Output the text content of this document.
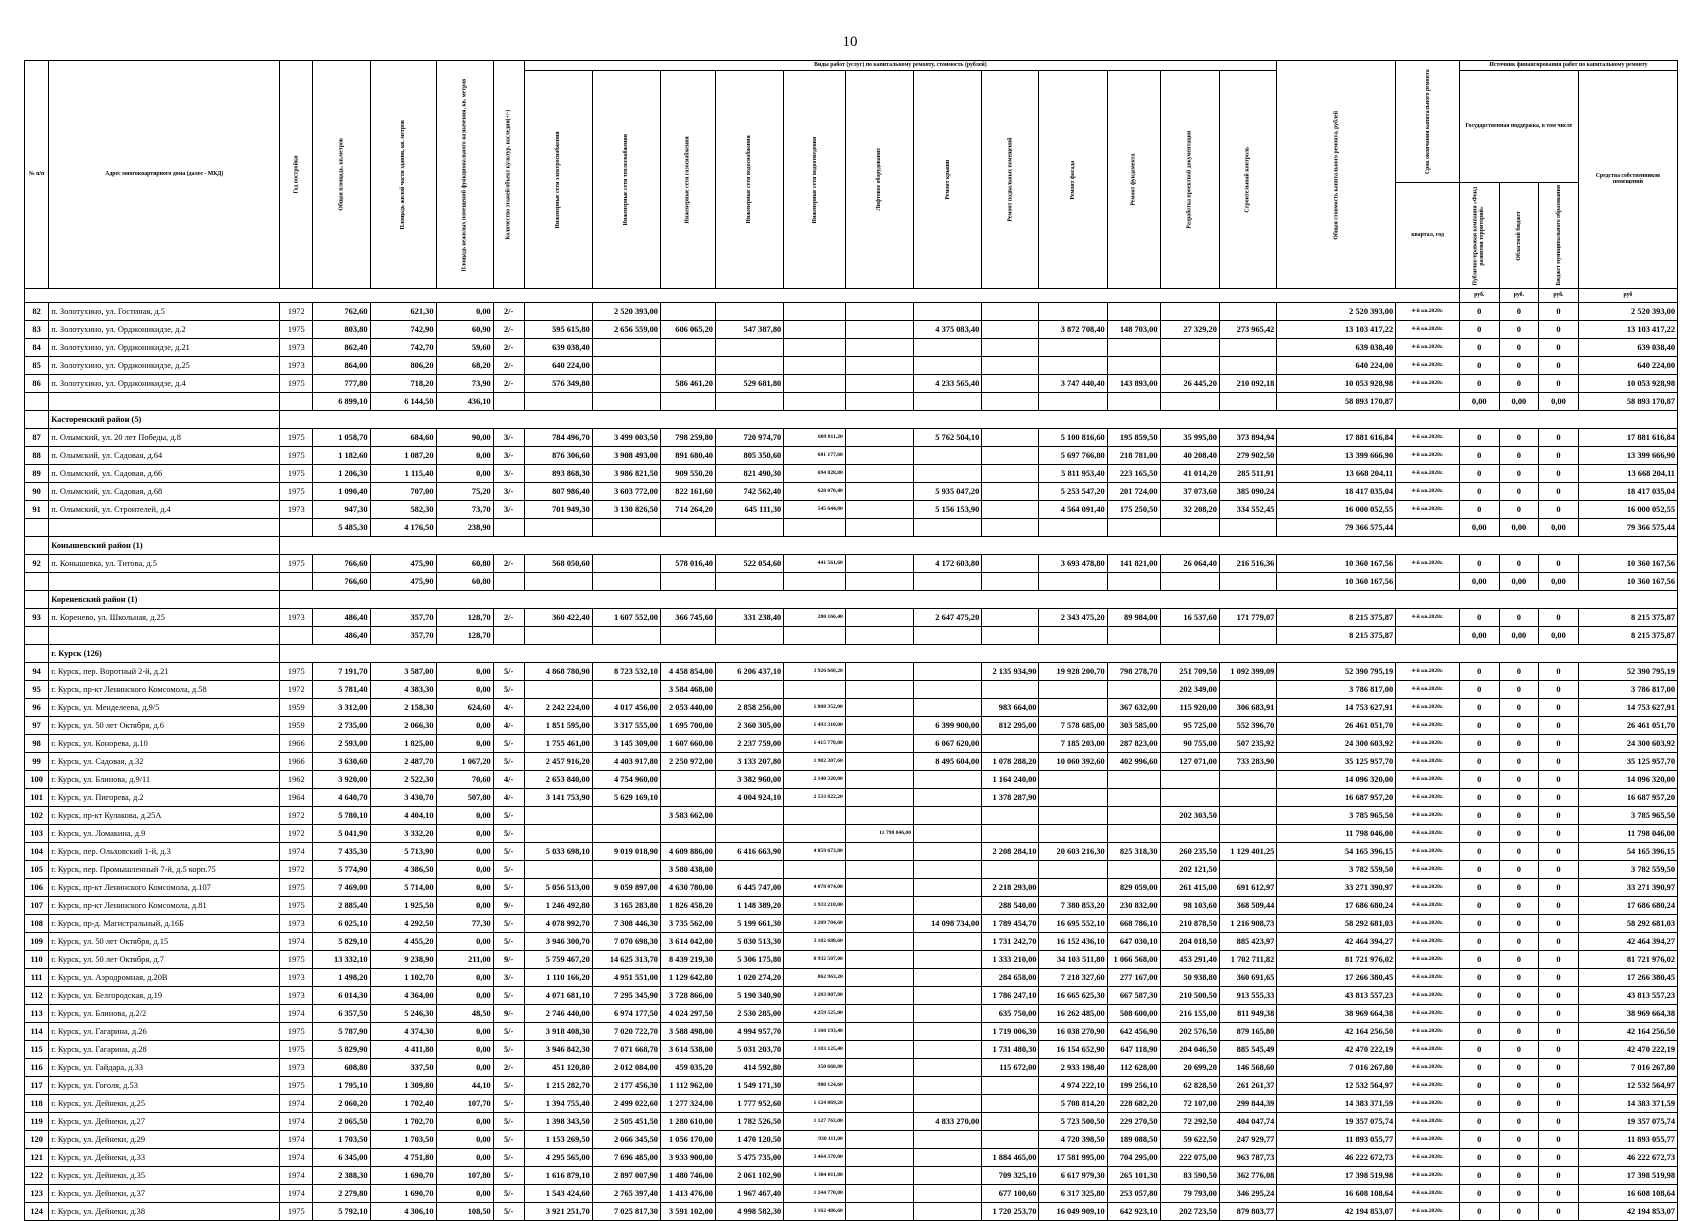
10
№ п/п	Адрес многоквартирного дома (далее - МКД)	Год постройки	Общая площадь, кв.метров	Площадь жилой части здания, кв. метров	Площадь нежилых помещений функционального назначения, кв. метров	Количество этажей/объект культур. наследия(+/-)	Виды работ (услуг) по капитальному ремонту, стоимость (рублей)												Общая стоимость капитального ремонта, рублей	Срок окончания капитального ремонта	Источник финансирования работ по капитальному ремонту			
							Инженерные сети электроснабжения	Инженерные сети теплоснабжения	Инженерные сети газоснабжения	Инженерные сети водоснабжения	Инженерные сети водоотведения	Лифтовое оборудование	Ремонт крыши	Ремонт подвальных помещений	Ремонт фасада	Ремонт фундамента	Разработка проектной документации	Строительный контроль			Государственная поддержка, в том числе			Средства собственников помещений
																				квартал, год	Публично-правовая компания «Фонд развития территорий»	Областной бюджет	Бюджет муниципального образования	
																					руб.	руб.	руб.	руб
82	п. Золотухино, ул. Гостиная, д.5	1972	762,60	621,30	0,00	2/-		2 520 393,00											2 520 393,00	4-й кв.2028г.	0	0	0	2 520 393,00
83	п. Золотухино, ул. Орджоникидзе, д.2	1975	803,80	742,90	60,90	2/-	595 615,80	2 656 559,00	606 065,20	547 387,80			4 375 083,40		3 872 708,40	148 703,00	27 329,20	273 965,42	13 103 417,22	4-й кв.2028г.	0	0	0	13 103 417,22
84	п. Золотухино, ул. Орджоникидзе, д.21	1973	862,40	742,70	59,60	2/-	639 038,40												639 038,40	4-й кв.2028г.	0	0	0	639 038,40
85	п. Золотухино, ул. Орджоникидзе, д.25	1973	864,00	806,20	68,20	2/-	640 224,00												640 224,00	4-й кв.2028г.	0	0	0	640 224,00
86	п. Золотухино, ул. Орджоникидзе, д.4	1975	777,80	718,20	73,90	2/-	576 349,80		586 461,20	529 681,80			4 233 565,40		3 747 440,40	143 893,00	26 445,20	210 092,18	10 053 928,98	4-й кв.2028г.	0	0	0	10 053 928,98
			6 899,10	6 144,50	436,10														58 893 170,87		0,00	0,00	0,00	58 893 170,87
	Касторенский район (5)																							
87	п. Олымский, ул. 20 лет Победы, д.8	1975	1 058,70	684,60	90,00	3/-	784 496,70	3 499 003,50	798 259,80	720 974,70	609 811,20		5 762 504,10		5 100 816,60	195 859,50	35 995,80	373 894,94	17 881 616,84	4-й кв.2028г.	0	0	0	17 881 616,84
88	п. Олымский, ул. Садовая, д.64	1975	1 182,60	1 087,20	0,00	3/-	876 306,60	3 908 493,00	891 680,40	805 350,60	681 177,60				5 697 766,80	218 781,00	40 208,40	279 902,50	13 399 666,90	4-й кв.2028г.	0	0	0	13 399 666,90
89	п. Олымский, ул. Садовая, д.66	1975	1 206,30	1 115,40	0,00	3/-	893 868,30	3 986 821,50	909 550,20	821 490,30	694 828,80				5 811 953,40	223 165,50	41 014,20	285 511,91	13 668 204,11	4-й кв.2028г.	0	0	0	13 668 204,11
90	п. Олымский, ул. Садовая, д.68	1975	1 090,40	707,00	75,20	3/-	807 986,40	3 603 772,00	822 161,60	742 562,40	628 070,40		5 935 047,20		5 253 547,20	201 724,00	37 073,60	385 090,24	18 417 035,04	4-й кв.2028г.	0	0	0	18 417 035,04
91	п. Олымский, ул. Строителей, д.4	1973	947,30	582,30	73,70	3/-	701 949,30	3 130 826,50	714 264,20	645 111,30	545 644,80		5 156 153,90		4 564 091,40	175 250,50	32 208,20	334 552,45	16 000 052,55	4-й кв.2028г.	0	0	0	16 000 052,55
			5 485,30	4 176,50	238,90														79 366 575,44		0,00	0,00	0,00	79 366 575,44
	Конышевский район (1)																							
92	п. Конышевка, ул. Титова, д.5	1975	766,60	475,90	60,80	2/-	568 050,60		578 016,40	522 054,60	441 561,60		4 172 603,80		3 693 478,80	141 821,00	26 064,40	216 516,36	10 360 167,56	4-й кв.2028г.	0	0	0	10 360 167,56
			766,60	475,90	60,80														10 360 167,56		0,00	0,00	0,00	10 360 167,56
	Кореневский район (1)																							
93	п. Коренево, ул. Школьная, д.25	1973	486,40	357,70	128,70	2/-	360 422,40	1 607 552,00	366 745,60	331 238,40	280 166,40		2 647 475,20		2 343 475,20	89 984,00	16 537,60	171 779,07	8 215 375,87	4-й кв.2028г.	0	0	0	8 215 375,87
			486,40	357,70	128,70														8 215 375,87		0,00	0,00	0,00	8 215 375,87
	г. Курск (126)																							
94	г. Курск, пер. Воротный 2-й, д.21	1975	7 191,70	3 587,00	0,00	5/-	4 868 780,90	8 723 532,10	4 458 854,00	6 206 437,10	3 926 668,20			2 135 934,90	19 928 200,70	798 278,70	251 709,50	1 092 399,09	52 390 795,19	4-й кв.2028г.	0	0	0	52 390 795,19
95	г. Курск, пр-кт Ленинского Комсомола, д.58	1972	5 781,40	4 383,30	0,00	5/-			3 584 468,00								202 349,00		3 786 817,00	4-й кв.2028г.	0	0	0	3 786 817,00
96	г. Курск, ул. Менделеева, д.9/5	1959	3 312,00	2 158,30	624,60	4/-	2 242 224,00	4 017 456,00	2 053 440,00	2 858 256,00	1 808 352,00			983 664,00		367 632,00	115 920,00	306 683,91	14 753 627,91	4-й кв.2028г.	0	0	0	14 753 627,91
97	г. Курск, ул. 50 лет Октября, д.6	1959	2 735,00	2 066,30	0,00	4/-	1 851 595,00	3 317 555,00	1 695 700,00	2 360 305,00	1 493 310,00		6 399 900,00	812 295,00	7 578 685,00	303 585,00	95 725,00	552 396,70	26 461 051,70	4-й кв.2028г.	0	0	0	26 461 051,70
98	г. Курск, ул. Конорева, д.10	1966	2 593,00	1 825,00	0,00	5/-	1 755 461,00	3 145 309,00	1 607 660,00	2 237 759,00	1 415 778,00		6 067 620,00		7 185 203,00	287 823,00	90 755,00	507 235,92	24 300 603,92	4-й кв.2028г.	0	0	0	24 300 603,92
99	г. Курск, ул. Садовая, д.32	1966	3 630,60	2 487,70	1 067,20	5/-	2 457 916,20	4 403 917,80	2 250 972,00	3 133 207,80	1 982 307,60		8 495 604,00	1 078 288,20	10 060 392,60	402 996,60	127 071,00	733 283,90	35 125 957,70	4-й кв.2028г.	0	0	0	35 125 957,70
100	г. Курск, ул. Блинова, д.9/11	1962	3 920,00	2 522,30	70,60	4/-	2 653 840,00	4 754 960,00		3 382 960,00	2 140 320,00			1 164 240,00					14 096 320,00	4-й кв.2028г.	0	0	0	14 096 320,00
101	г. Курск, ул. Пигорева, д.2	1964	4 640,70	3 430,70	507,80	4/-	3 141 753,90	5 629 169,10		4 004 924,10	2 533 822,20			1 378 287,90					16 687 957,20	4-й кв.2028г.	0	0	0	16 687 957,20
102	г. Курск, пр-кт Кулакова, д.25А	1972	5 780,10	4 404,10	0,00	5/-			3 583 662,00								202 303,50		3 785 965,50	4-й кв.2028г.	0	0	0	3 785 965,50
103	г. Курск, ул. Ломакина, д.9	1972	5 041,90	3 332,20	0,00	5/-						11 798 046,00							11 798 046,00	4-й кв.2028г.	0	0	0	11 798 046,00
104	г. Курск, пер. Ольховский 1-й, д.3	1974	7 435,30	5 713,90	0,00	5/-	5 033 698,10	9 019 018,90	4 609 886,00	6 416 663,90	4 059 673,80			2 208 284,10	20 603 216,30	825 318,30	260 235,50	1 129 401,25	54 165 396,15	4-й кв.2028г.	0	0	0	54 165 396,15
105	г. Курск, пер. Промышленный 7-й, д.5 корп.75	1972	5 774,90	4 386,50	0,00	5/-			3 580 438,00								202 121,50		3 782 559,50	4-й кв.2028г.	0	0	0	3 782 559,50
106	г. Курск, пр-кт Ленинского Комсомола, д.107	1975	7 469,00	5 714,00	0,00	5/-	5 056 513,00	9 059 897,00	4 630 780,00	6 445 747,00	4 078 074,00			2 218 293,00		829 059,00	261 415,00	691 612,97	33 271 390,97	4-й кв.2028г.	0	0	0	33 271 390,97
107	г. Курск, пр-кт Ленинского Комсомола, д.81	1975	2 885,40	1 925,50	0,00	9/-	1 246 492,80	3 165 283,80	1 826 458,20	1 148 389,20	1 933 218,00			288 540,00	7 380 853,20	230 832,00	98 103,60	368 509,44	17 686 680,24	4-й кв.2028г.	0	0	0	17 686 680,24
108	г. Курск, пр-д. Магистральный, д.16Б	1973	6 025,10	4 292,50	77,30	5/-	4 078 992,70	7 308 446,30	3 735 562,00	5 199 661,30	3 289 704,60		14 098 734,00	1 789 454,70	16 695 552,10	668 786,10	210 878,50	1 216 908,73	58 292 681,03	4-й кв.2028г.	0	0	0	58 292 681,03
109	г. Курск, ул. 50 лет Октября, д.15	1974	5 829,10	4 455,20	0,00	5/-	3 946 300,70	7 070 698,30	3 614 042,00	5 030 513,30	3 182 688,60			1 731 242,70	16 152 436,10	647 030,10	204 018,50	885 423,97	42 464 394,27	4-й кв.2028г.	0	0	0	42 464 394,27
110	г. Курск, ул. 50 лет Октября, д.7	1975	13 332,10	9 238,90	211,00	9/-	5 759 467,20	14 625 313,70	8 439 219,30	5 306 175,80	8 932 507,00			1 333 210,00	34 103 511,80	1 066 568,00	453 291,40	1 702 711,82	81 721 976,02	4-й кв.2028г.	0	0	0	81 721 976,02
111	г. Курск, ул. Аэродромная, д.20В	1973	1 498,20	1 102,70	0,00	3/-	1 110 166,20	4 951 551,00	1 129 642,80	1 020 274,20	862 963,20			284 658,00	7 218 327,60	277 167,00	50 938,80	360 691,65	17 266 380,45	4-й кв.2028г.	0	0	0	17 266 380,45
112	г. Курск, ул. Белгородская, д.19	1973	6 014,30	4 364,00	0,00	5/-	4 071 681,10	7 295 345,90	3 728 866,00	5 190 340,90	3 283 807,80			1 786 247,10	16 665 625,30	667 587,30	210 500,50	913 555,33	43 813 557,23	4-й кв.2028г.	0	0	0	43 813 557,23
113	г. Курск, ул. Блинова, д.2/2	1974	6 357,50	5 246,30	48,50	9/-	2 746 440,00	6 974 177,50	4 024 297,50	2 530 285,00	4 259 525,00			635 750,00	16 262 485,00	508 600,00	216 155,00	811 949,38	38 969 664,38	4-й кв.2028г.	0	0	0	38 969 664,38
114	г. Курск, ул. Гагарина, д.26	1975	5 787,90	4 374,30	0,00	5/-	3 918 408,30	7 020 722,70	3 588 498,00	4 994 957,70	3 160 193,40			1 719 006,30	16 038 270,90	642 456,90	202 576,50	879 165,80	42 164 256,50	4-й кв.2028г.	0	0	0	42 164 256,50
115	г. Курск, ул. Гагарина, д.28	1975	5 829,90	4 411,80	0,00	5/-	3 946 842,30	7 071 668,70	3 614 538,00	5 031 203,70	3 183 125,40			1 731 480,30	16 154 652,90	647 118,90	204 046,50	885 545,49	42 470 222,19	4-й кв.2028г.	0	0	0	42 470 222,19
116	г. Курск, ул. Гайдара, д.33	1973	608,80	337,50	0,00	2/-	451 120,80	2 012 084,00	459 035,20	414 592,80	350 668,80			115 672,00	2 933 198,40	112 628,00	20 699,20	146 568,60	7 016 267,80	4-й кв.2028г.	0	0	0	7 016 267,80
117	г. Курск, ул. Гоголя, д.53	1975	1 795,10	1 309,80	44,10	5/-	1 215 282,70	2 177 456,30	1 112 962,00	1 549 171,30	980 124,60				4 974 222,10	199 256,10	62 828,50	261 261,37	12 532 564,97	4-й кв.2028г.	0	0	0	12 532 564,97
118	г. Курск, ул. Дейнеки, д.25	1974	2 060,20	1 702,40	107,70	5/-	1 394 755,40	2 499 022,60	1 277 324,00	1 777 952,60	1 124 869,20				5 708 814,20	228 682,20	72 107,00	299 844,39	14 383 371,59	4-й кв.2028г.	0	0	0	14 383 371,59
119	г. Курск, ул. Дейнеки, д.27	1974	2 065,50	1 702,70	0,00	5/-	1 398 343,50	2 505 451,50	1 280 610,00	1 782 526,50	1 127 763,00		4 833 270,00		5 723 500,50	229 270,50	72 292,50	404 047,74	19 357 075,74	4-й кв.2028г.	0	0	0	19 357 075,74
120	г. Курск, ул. Дейнеки, д.29	1974	1 703,50	1 703,50	0,00	5/-	1 153 269,50	2 066 345,50	1 056 170,00	1 470 120,50	930 111,00				4 720 398,50	189 088,50	59 622,50	247 929,77	11 893 055,77	4-й кв.2028г.	0	0	0	11 893 055,77
121	г. Курск, ул. Дейнеки, д.33	1974	6 345,00	4 751,80	0,00	5/-	4 295 565,00	7 696 485,00	3 933 900,00	5 475 735,00	3 464 370,00			1 884 465,00	17 581 995,00	704 295,00	222 075,00	963 787,73	46 222 672,73	4-й кв.2028г.	0	0	0	46 222 672,73
122	г. Курск, ул. Дейнеки, д.35	1974	2 388,30	1 690,70	107,80	5/-	1 616 879,10	2 897 007,90	1 480 746,00	2 061 102,90	1 304 011,80			709 325,10	6 617 979,30	265 101,30	83 590,50	362 776,08	17 398 519,98	4-й кв.2028г.	0	0	0	17 398 519,98
123	г. Курск, ул. Дейнеки, д.37	1974	2 279,80	1 690,70	0,00	5/-	1 543 424,60	2 765 397,40	1 413 476,00	1 967 467,40	1 244 770,80			677 100,60	6 317 325,80	253 057,80	79 793,00	346 295,24	16 608 108,64	4-й кв.2028г.	0	0	0	16 608 108,64
124	г. Курск, ул. Дейнеки, д.38	1975	5 792,10	4 306,10	108,50	5/-	3 921 251,70	7 025 817,30	3 591 102,00	4 998 582,30	3 162 486,60			1 720 253,70	16 049 909,10	642 923,10	202 723,50	879 803,77	42 194 853,07	4-й кв.2028г.	0	0	0	42 194 853,07
